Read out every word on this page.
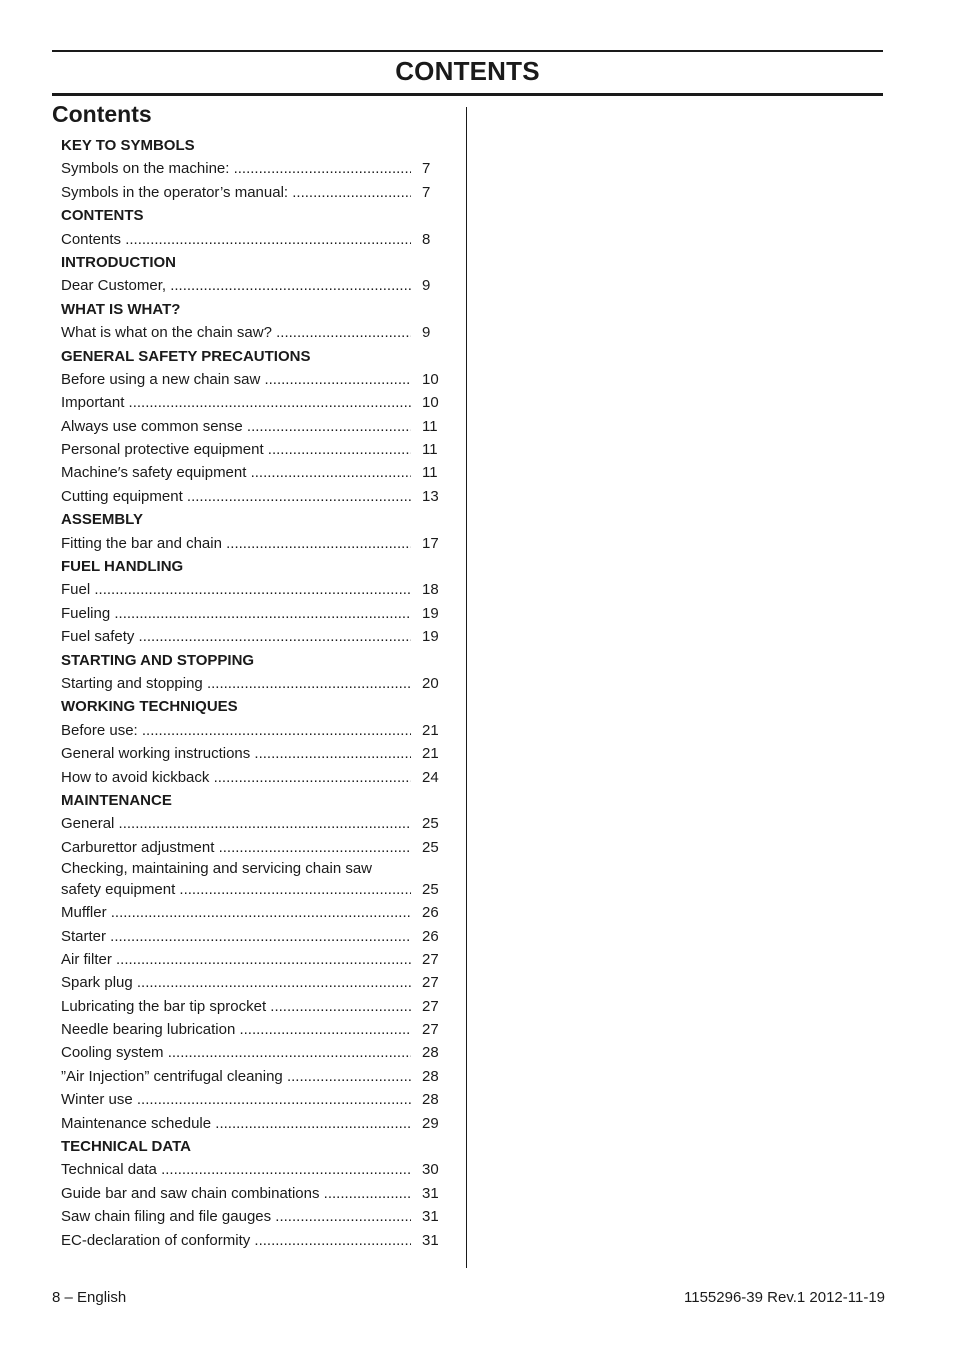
CONTENTS
Contents
KEY TO SYMBOLS
Symbols on the machine: .....	7
Symbols in the operator’s manual: .....	7
CONTENTS
Contents .....	8
INTRODUCTION
Dear Customer, .....	9
WHAT IS WHAT?
What is what on the chain saw? .....	9
GENERAL SAFETY PRECAUTIONS
Before using a new chain saw .....	10
Important .....	10
Always use common sense .....	11
Personal protective equipment .....	11
Machine′s safety equipment .....	11
Cutting equipment .....	13
ASSEMBLY
Fitting the bar and chain .....	17
FUEL HANDLING
Fuel .....	18
Fueling .....	19
Fuel safety .....	19
STARTING AND STOPPING
Starting and stopping .....	20
WORKING TECHNIQUES
Before use: .....	21
General working instructions .....	21
How to avoid kickback .....	24
MAINTENANCE
General .....	25
Carburettor adjustment .....	25
Checking, maintaining and servicing chain saw
safety equipment .....	25
Muffler .....	26
Starter .....	26
Air filter .....	27
Spark plug .....	27
Lubricating the bar tip sprocket .....	27
Needle bearing lubrication .....	27
Cooling system .....	28
”Air Injection” centrifugal cleaning .....	28
Winter use .....	28
Maintenance schedule .....	29
TECHNICAL DATA
Technical data .....	30
Guide bar and saw chain combinations .....	31
Saw chain filing and file gauges .....	31
EC-declaration of conformity .....	31
8 – English	1155296-39 Rev.1 2012-11-19
